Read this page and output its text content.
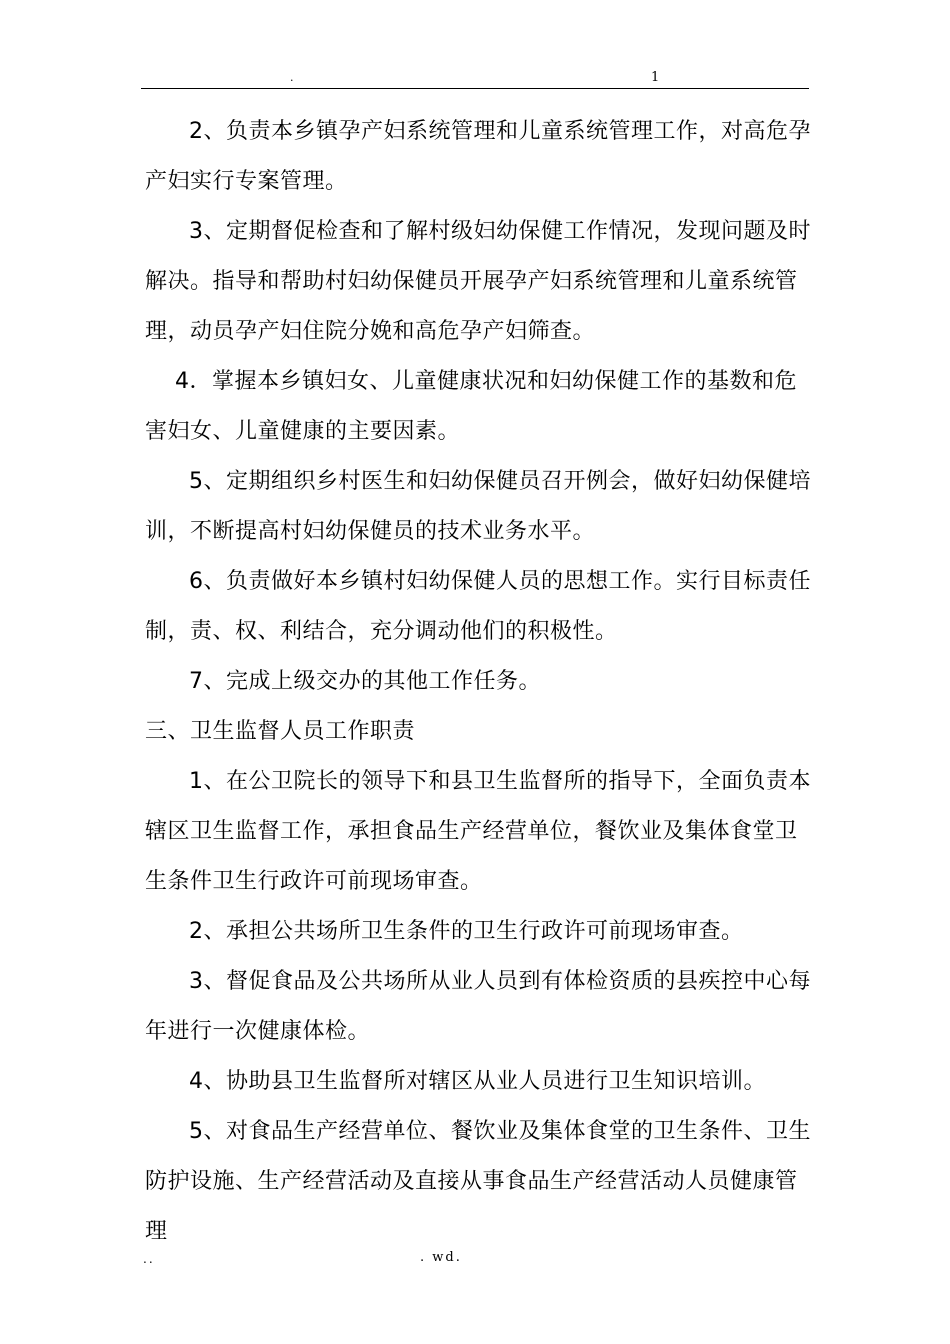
.	1

2、负责本乡镇孕产妇系统管理和儿童系统管理工作，对高危孕产妇实行专案管理。

3、定期督促检查和了解村级妇幼保健工作情况，发现问题及时解决。指导和帮助村妇幼保健员开展孕产妇系统管理和儿童系统管理，动员孕产妇住院分娩和高危孕产妇筛查。

4．掌握本乡镇妇女、儿童健康状况和妇幼保健工作的基数和危害妇女、儿童健康的主要因素。

5、定期组织乡村医生和妇幼保健员召开例会，做好妇幼保健培训，不断提高村妇幼保健员的技术业务水平。

6、负责做好本乡镇村妇幼保健人员的思想工作。实行目标责任制，责、权、利结合，充分调动他们的积极性。

7、完成上级交办的其他工作任务。

三、卫生监督人员工作职责

1、在公卫院长的领导下和县卫生监督所的指导下，全面负责本辖区卫生监督工作，承担食品生产经营单位，餐饮业及集体食堂卫生条件卫生行政许可前现场审查。

2、承担公共场所卫生条件的卫生行政许可前现场审查。

3、督促食品及公共场所从业人员到有体检资质的县疾控中心每年进行一次健康体检。

4、协助县卫生监督所对辖区从业人员进行卫生知识培训。

5、对食品生产经营单位、餐饮业及集体食堂的卫生条件、卫生防护设施、生产经营活动及直接从事食品生产经营活动人员健康管理

..	. wd.
